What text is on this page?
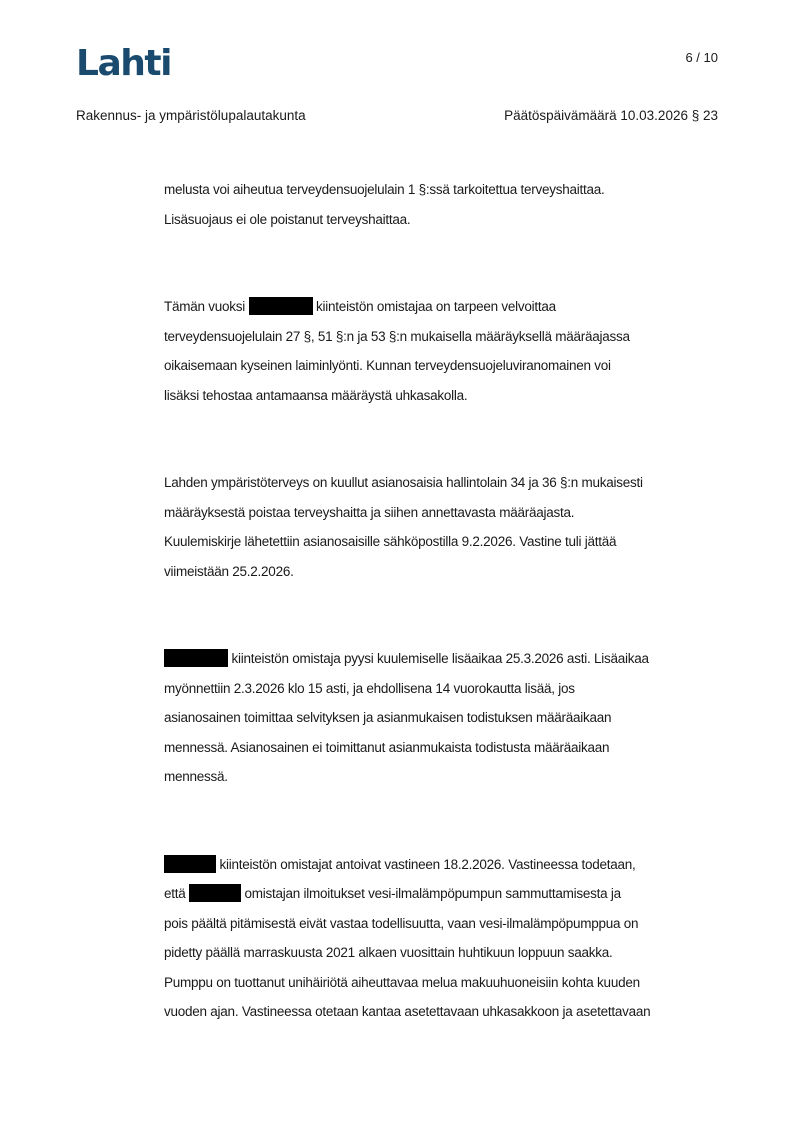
Lahti	6 / 10
Rakennus- ja ympäristölupalautakunta	Päätöspäivämäärä 10.03.2026 § 23
melusta voi aiheutua terveydensuojelulain 1 §:ssä tarkoitettua terveyshaittaa.
Lisäsuojaus ei ole poistanut terveyshaittaa.
Tämän vuoksi	kiinteistön omistajaa on tarpeen velvoittaa
terveydensuojelulain 27 §, 51 §:n ja 53 §:n mukaisella määräyksellä määräajassa
oikaisemaan kyseinen laiminlyönti. Kunnan terveydensuojeluviranomainen voi
lisäksi tehostaa antamaansa määräystä uhkasakolla.
Lahden ympäristöterveys on kuullut asianosaisia hallintolain 34 ja 36 §:n mukaisesti
määräyksestä poistaa terveyshaitta ja siihen annettavasta määräajasta.
Kuulemiskirje lähetettiin asianosaisille sähköpostilla 9.2.2026. Vastine tuli jättää
viimeistään 25.2.2026.
kiinteistön omistaja pyysi kuulemiselle lisäaikaa 25.3.2026 asti. Lisäaikaa
myönnettiin 2.3.2026 klo 15 asti, ja ehdollisena 14 vuorokautta lisää, jos
asianosainen toimittaa selvityksen ja asianmukaisen todistuksen määräaikaan
mennessä. Asianosainen ei toimittanut asianmukaista todistusta määräaikaan
mennessä.
kiinteistön omistajat antoivat vastineen 18.2.2026. Vastineessa todetaan,
että	omistajan ilmoitukset vesi-ilmalämpöpumpun sammuttamisesta ja
pois päältä pitämisestä eivät vastaa todellisuutta, vaan vesi-ilmalämpöpumppua on
pidetty päällä marraskuusta 2021 alkaen vuosittain huhtikuun loppuun saakka.
Pumppu on tuottanut unihäiriötä aiheuttavaa melua makuuhuoneisiin kohta kuuden
vuoden ajan. Vastineessa otetaan kantaa asetettavaan uhkasakkoon ja asetettavaan
